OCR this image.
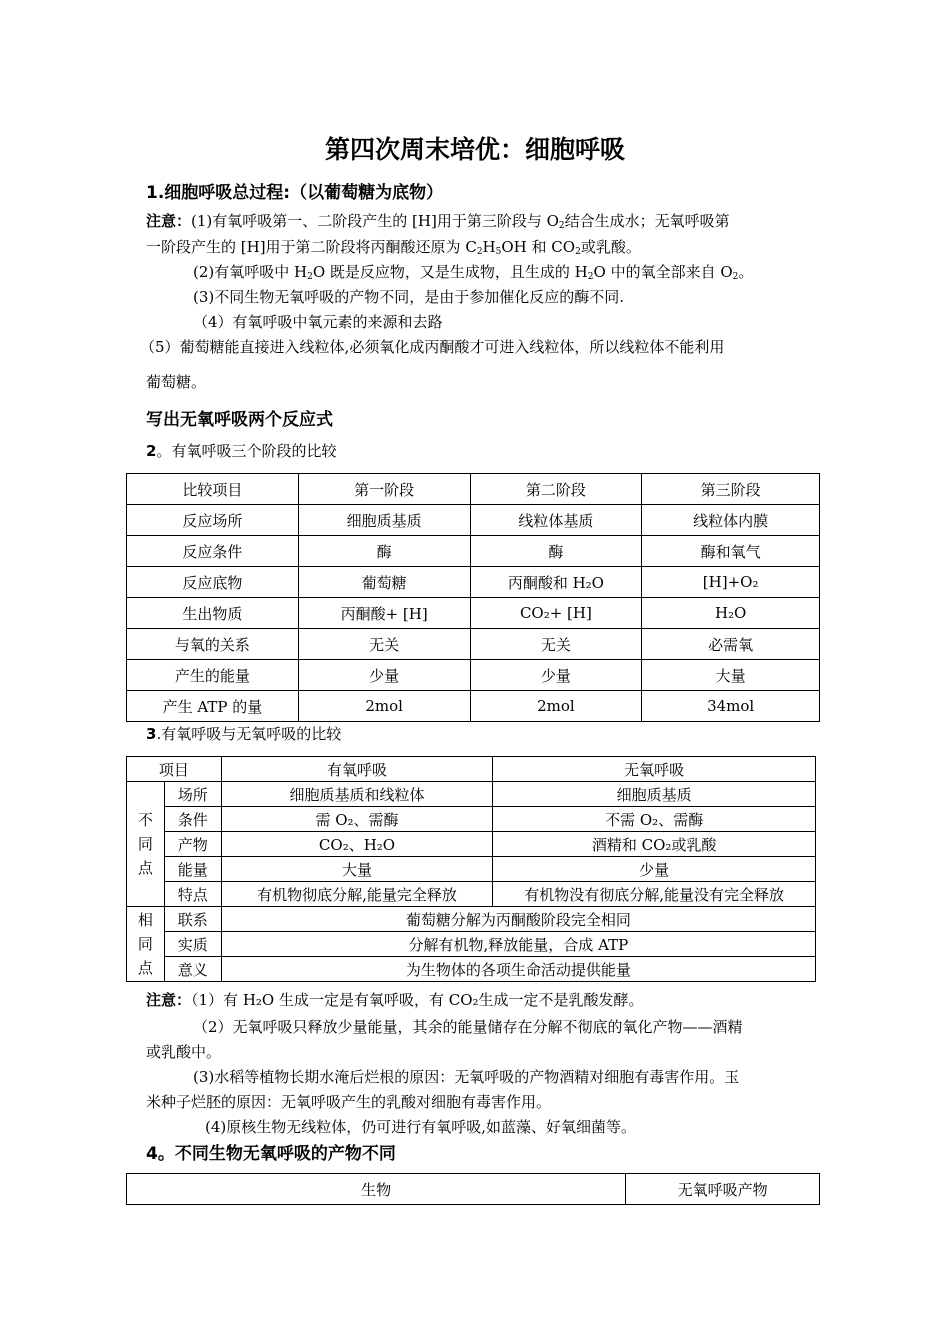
第四次周末培优：细胞呼吸
1.细胞呼吸总过程:（以葡萄糖为底物）
注意：(1)有氧呼吸第一、二阶段产生的 [H]用于第三阶段与 $O_2$结合生成水；无氧呼吸第
一阶段产生的 [H]用于第二阶段将丙酮酸还原为 $C_2H_5OH$ 和 $CO_2$或乳酸。
(2)有氧呼吸中 $H_2O$ 既是反应物，又是生成物，且生成的 $H_2O$ 中的氧全部来自 $O_2$。
(3)不同生物无氧呼吸的产物不同，是由于参加催化反应的酶不同.
（4）有氧呼吸中氧元素的来源和去路
（5）葡萄糖能直接进入线粒体,必须氧化成丙酮酸才可进入线粒体，所以线粒体不能利用
葡萄糖。
写出无氧呼吸两个反应式
2。有氧呼吸三个阶段的比较
比较项目	第一阶段	第二阶段	第三阶段
反应场所	细胞质基质	线粒体基质	线粒体内膜
反应条件	酶	酶	酶和氧气
反应底物	葡萄糖	丙酮酸和 H₂O	[H]+O₂
生出物质	丙酮酸+ [H]	CO₂+ [H]	H₂O
与氧的关系	无关	无关	必需氧
产生的能量	少量	少量	大量
产生 ATP 的量	2mol	2mol	34mol
3.有氧呼吸与无氧呼吸的比较
项目		有氧呼吸	无氧呼吸
不
同
点	场所	细胞质基质和线粒体	细胞质基质
	条件	需 O₂、需酶	不需 O₂、需酶
	产物	CO₂、H₂O	酒精和 CO₂或乳酸
	能量	大量	少量
	特点	有机物彻底分解,能量完全释放	有机物没有彻底分解,能量没有完全释放
相
同
点	联系	葡萄糖分解为丙酮酸阶段完全相同	
	实质	分解有机物,释放能量，合成 ATP	
	意义	为生物体的各项生命活动提供能量	
注意：（1）有 H₂O 生成一定是有氧呼吸，有 CO₂生成一定不是乳酸发酵。
（2）无氧呼吸只释放少量能量，其余的能量储存在分解不彻底的氧化产物——酒精
或乳酸中。
(3)水稻等植物长期水淹后烂根的原因：无氧呼吸的产物酒精对细胞有毒害作用。玉
米种子烂胚的原因：无氧呼吸产生的乳酸对细胞有毒害作用。
(4)原核生物无线粒体，仍可进行有氧呼吸,如蓝藻、好氧细菌等。
4。不同生物无氧呼吸的产物不同
生物	无氧呼吸产物
